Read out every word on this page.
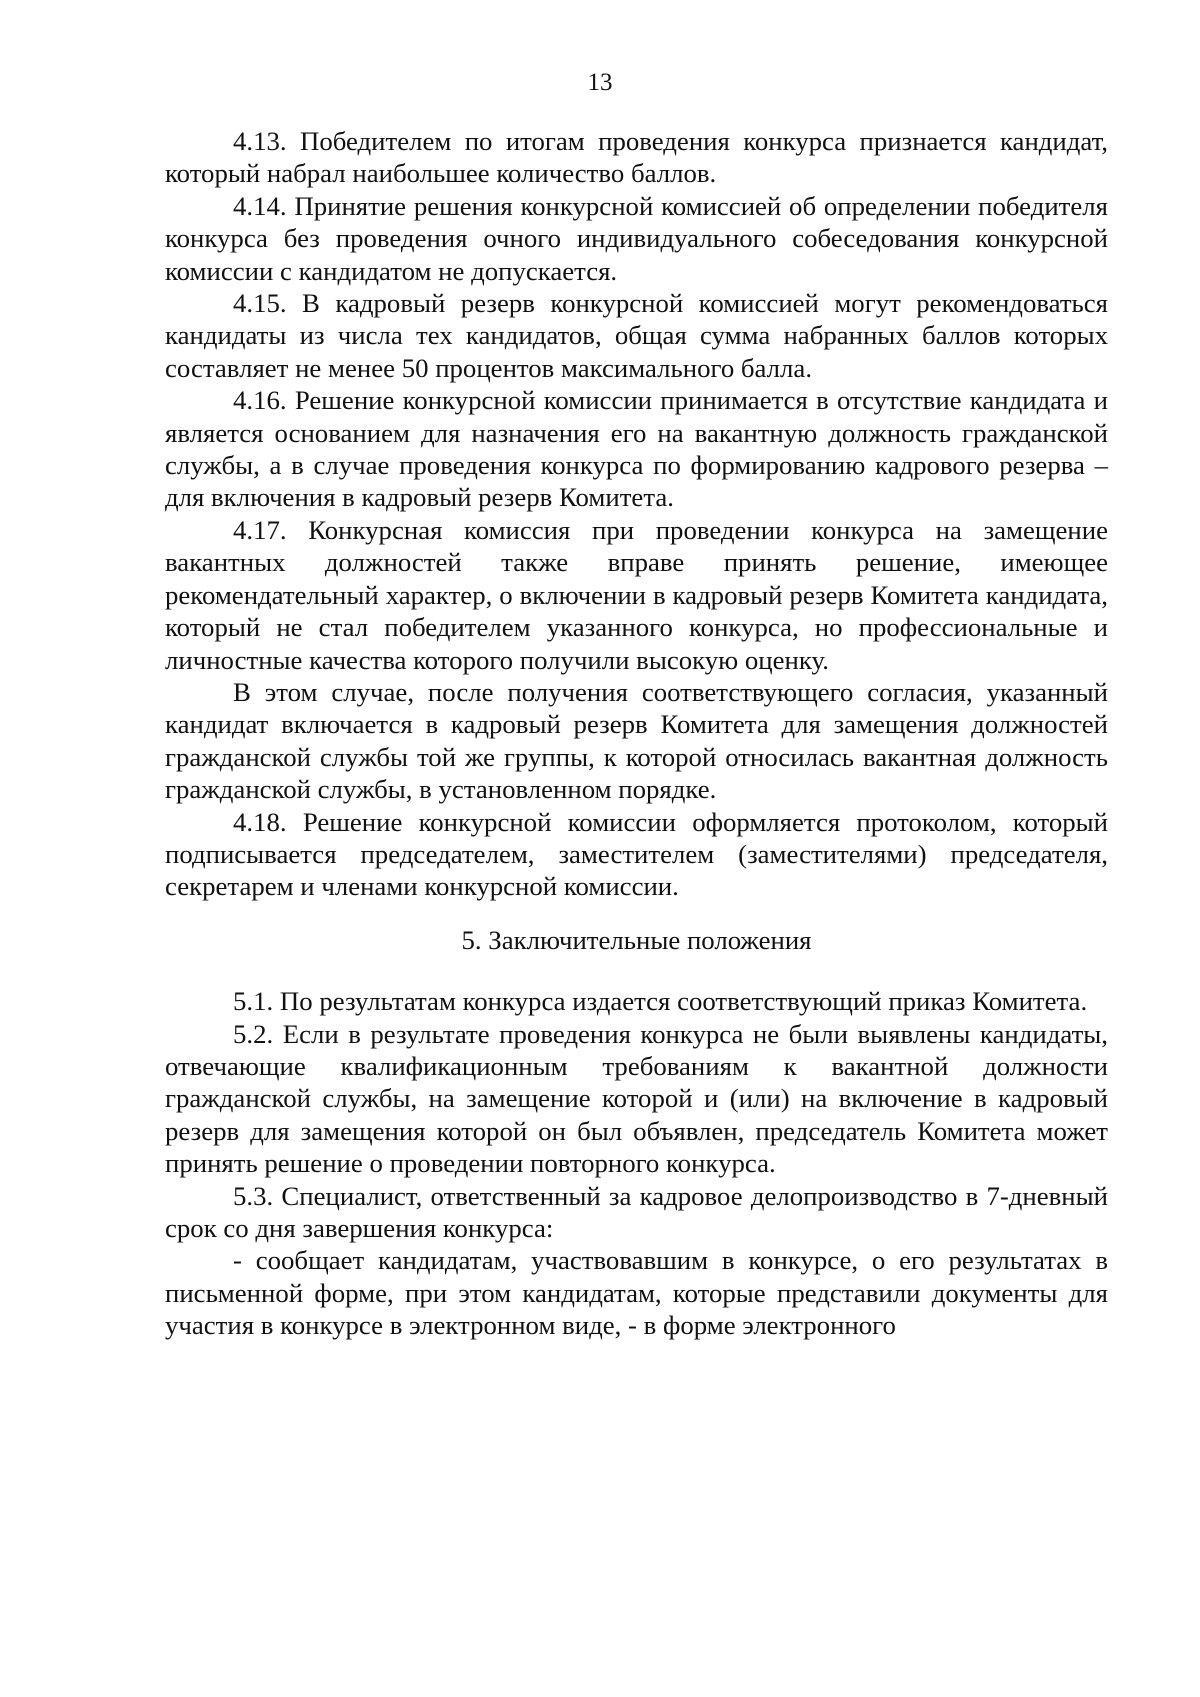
13

4.13. Победителем по итогам проведения конкурса признается кандидат, который набрал наибольшее количество баллов.

4.14. Принятие решения конкурсной комиссией об определении победителя конкурса без проведения очного индивидуального собеседования конкурсной комиссии с кандидатом не допускается.

4.15. В кадровый резерв конкурсной комиссией могут рекомендоваться кандидаты из числа тех кандидатов, общая сумма набранных баллов которых составляет не менее 50 процентов максимального балла.

4.16. Решение конкурсной комиссии принимается в отсутствие кандидата и является основанием для назначения его на вакантную должность гражданской службы, а в случае проведения конкурса по формированию кадрового резерва – для включения в кадровый резерв Комитета.

4.17. Конкурсная комиссия при проведении конкурса на замещение вакантных должностей также вправе принять решение, имеющее рекомендательный характер, о включении в кадровый резерв Комитета кандидата, который не стал победителем указанного конкурса, но профессиональные и личностные качества которого получили высокую оценку.

В этом случае, после получения соответствующего согласия, указанный кандидат включается в кадровый резерв Комитета для замещения должностей гражданской службы той же группы, к которой относилась вакантная должность гражданской службы, в установленном порядке.

4.18. Решение конкурсной комиссии оформляется протоколом, который подписывается председателем, заместителем (заместителями) председателя, секретарем и членами конкурсной комиссии.

5. Заключительные положения

5.1. По результатам конкурса издается соответствующий приказ Комитета.

5.2. Если в результате проведения конкурса не были выявлены кандидаты, отвечающие квалификационным требованиям к вакантной должности гражданской службы, на замещение которой и (или) на включение в кадровый резерв для замещения которой он был объявлен, председатель Комитета может принять решение о проведении повторного конкурса.

5.3. Специалист, ответственный за кадровое делопроизводство в 7-дневный срок со дня завершения конкурса:

- сообщает кандидатам, участвовавшим в конкурсе, о его результатах в письменной форме, при этом кандидатам, которые представили документы для участия в конкурсе в электронном виде, - в форме электронного
